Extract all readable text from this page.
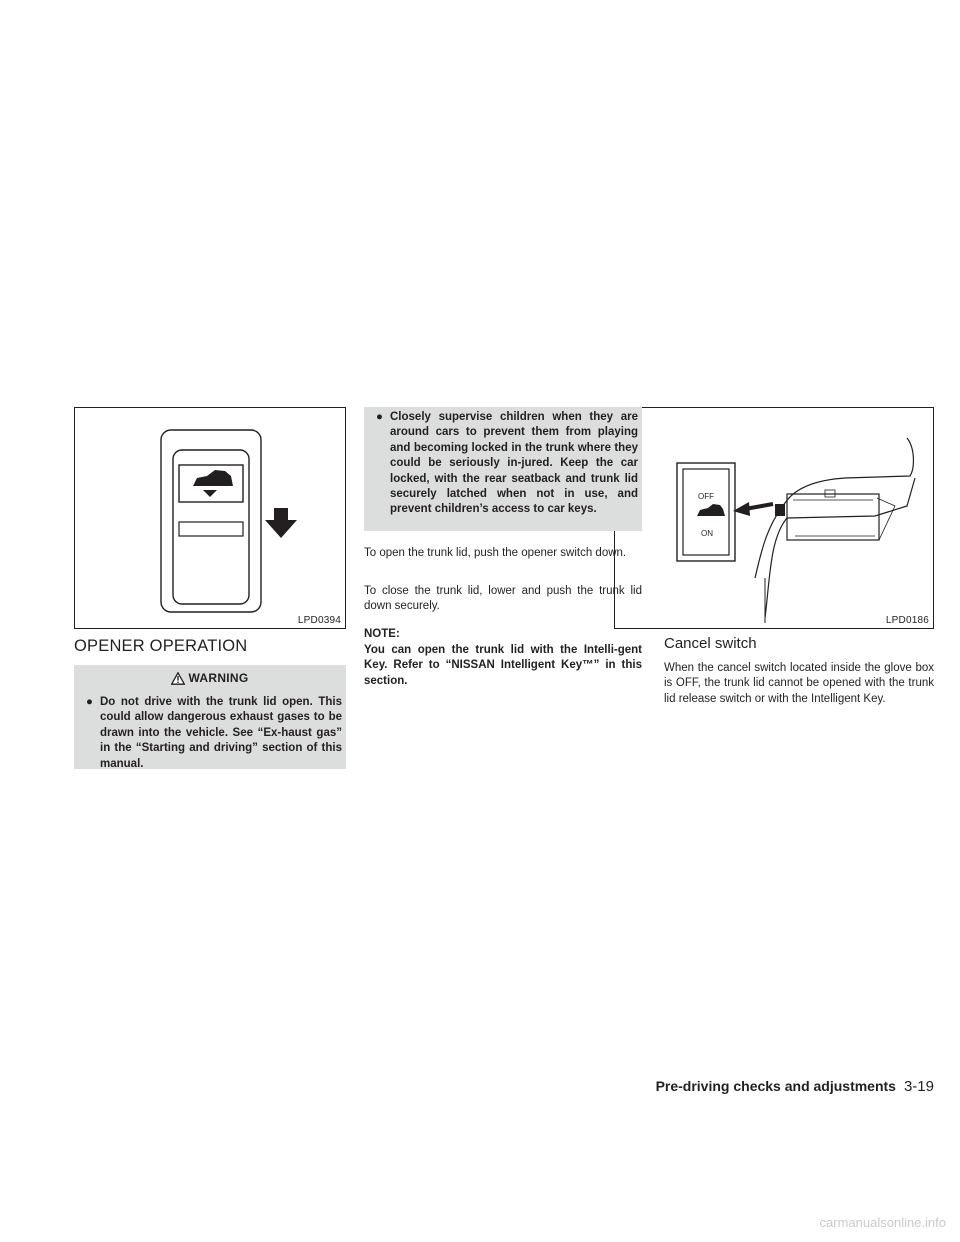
LPD0394
OFF
ON
LPD0186
OPENER OPERATION
WARNING
● Do not drive with the trunk lid open. This could allow dangerous exhaust gases to be drawn into the vehicle. See “Ex-haust gas” in the “Starting and driving” section of this manual.
● Closely supervise children when they are around cars to prevent them from playing and becoming locked in the trunk where they could be seriously in-jured. Keep the car locked, with the rear seatback and trunk lid securely latched when not in use, and prevent children’s access to car keys.
To open the trunk lid, push the opener switch down.
To close the trunk lid, lower and push the trunk lid down securely.
NOTE:
You can open the trunk lid with the Intelli-gent Key. Refer to “NISSAN Intelligent Key™” in this section.
Cancel switch
When the cancel switch located inside the glove box is OFF, the trunk lid cannot be opened with the trunk lid release switch or with the Intelligent Key.
Pre-driving checks and adjustments 3-19
carmanualsonline.info
